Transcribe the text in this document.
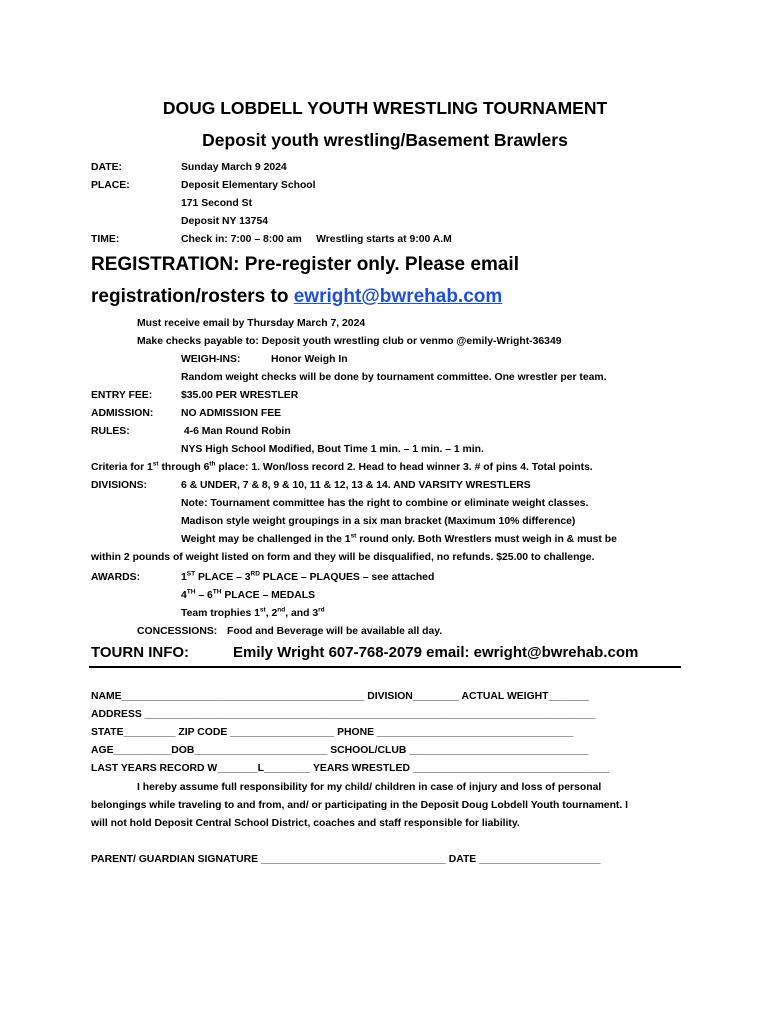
DOUG LOBDELL YOUTH WRESTLING TOURNAMENT
Deposit youth wrestling/Basement Brawlers
DATE:	Sunday March 9 2024
PLACE:	Deposit Elementary School
171 Second St
Deposit NY 13754
TIME:	Check in: 7:00 – 8:00 am     Wrestling starts at 9:00 A.M
REGISTRATION: Pre-register only. Please email
registration/rosters to ewright@bwrehab.com
Must receive email by Thursday March 7, 2024
Make checks payable to: Deposit youth wrestling club or venmo @emily-Wright-36349
WEIGH-INS:	Honor Weigh In
Random weight checks will be done by tournament committee. One wrestler per team.
ENTRY FEE:	$35.00 PER WRESTLER
ADMISSION:	NO ADMISSION FEE
RULES:	4-6 Man Round Robin
NYS High School Modified, Bout Time 1 min. – 1 min. – 1 min.
Criteria for 1st through 6th place: 1. Won/loss record 2. Head to head winner 3. # of pins 4. Total points.
DIVISIONS:	6 & UNDER, 7 & 8, 9 & 10, 11 & 12, 13 & 14. AND VARSITY WRESTLERS
Note: Tournament committee has the right to combine or eliminate weight classes.
Madison style weight groupings in a six man bracket (Maximum 10% difference)
Weight may be challenged in the 1st round only. Both Wrestlers must weigh in & must be
within 2 pounds of weight listed on form and they will be disqualified, no refunds. $25.00 to challenge.
AWARDS:	1ST PLACE – 3RD PLACE – PLAQUES – see attached
4TH – 6TH PLACE – MEDALS
Team trophies 1st, 2nd, and 3rd
CONCESSIONS: Food and Beverage will be available all day.
TOURN INFO:	Emily Wright 607-768-2079 email: ewright@bwrehab.com
NAME__________________________________________ DIVISION________ ACTUAL WEIGHT_______
ADDRESS ______________________________________________________________________________
STATE_________ ZIP CODE __________________ PHONE __________________________________
AGE__________DOB_______________________ SCHOOL/CLUB _______________________________
LAST YEARS RECORD W_______L________ YEARS WRESTLED __________________________________
I hereby assume full responsibility for my child/ children in case of injury and loss of personal
belongings while traveling to and from, and/ or participating in the Deposit Doug Lobdell Youth tournament. I
will not hold Deposit Central School District, coaches and staff responsible for liability.
PARENT/ GUARDIAN SIGNATURE ________________________________ DATE _____________________
